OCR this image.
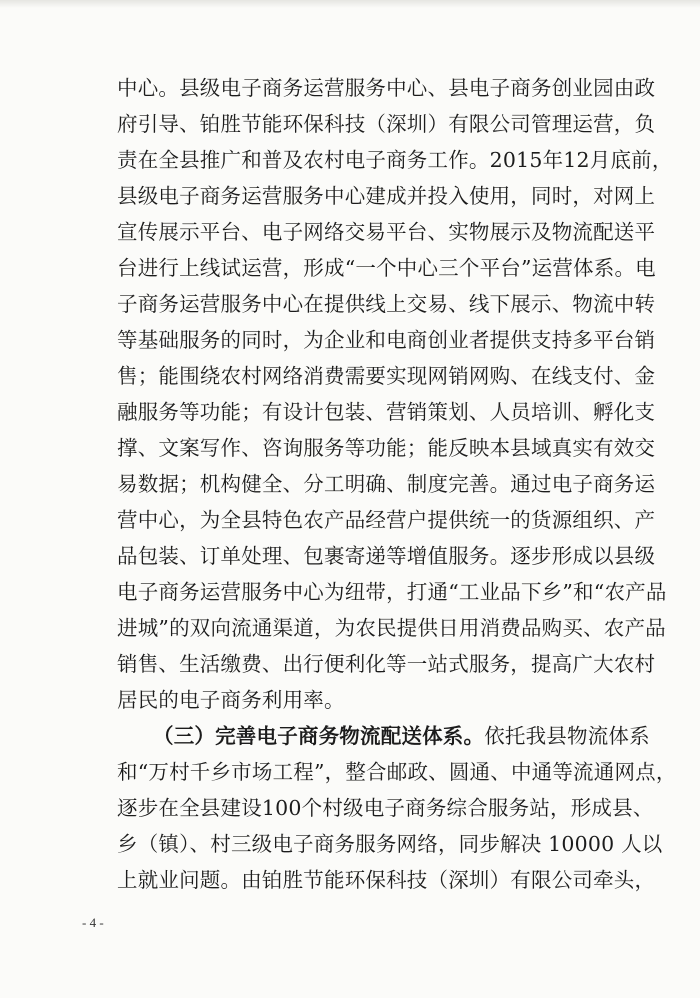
中心。县级电子商务运营服务中心、县电子商务创业园由政
府引导、铂胜节能环保科技（深圳）有限公司管理运营，负
责在全县推广和普及农村电子商务工作。2015年12月底前，
县级电子商务运营服务中心建成并投入使用，同时，对网上
宣传展示平台、电子网络交易平台、实物展示及物流配送平
台进行上线试运营，形成“一个中心三个平台”运营体系。电
子商务运营服务中心在提供线上交易、线下展示、物流中转
等基础服务的同时，为企业和电商创业者提供支持多平台销
售；能围绕农村网络消费需要实现网销网购、在线支付、金
融服务等功能；有设计包装、营销策划、人员培训、孵化支
撑、文案写作、咨询服务等功能；能反映本县域真实有效交
易数据；机构健全、分工明确、制度完善。通过电子商务运
营中心，为全县特色农产品经营户提供统一的货源组织、产
品包装、订单处理、包裹寄递等增值服务。逐步形成以县级
电子商务运营服务中心为纽带，打通“工业品下乡”和“农产品
进城”的双向流通渠道，为农民提供日用消费品购买、农产品
销售、生活缴费、出行便利化等一站式服务，提高广大农村
居民的电子商务利用率。
（三）完善电子商务物流配送体系。依托我县物流体系
和“万村千乡市场工程”，整合邮政、圆通、中通等流通网点，
逐步在全县建设100个村级电子商务综合服务站，形成县、
乡（镇）、村三级电子商务服务网络，同步解决 10000 人以
上就业问题。由铂胜节能环保科技（深圳）有限公司牵头，
- 4 -
